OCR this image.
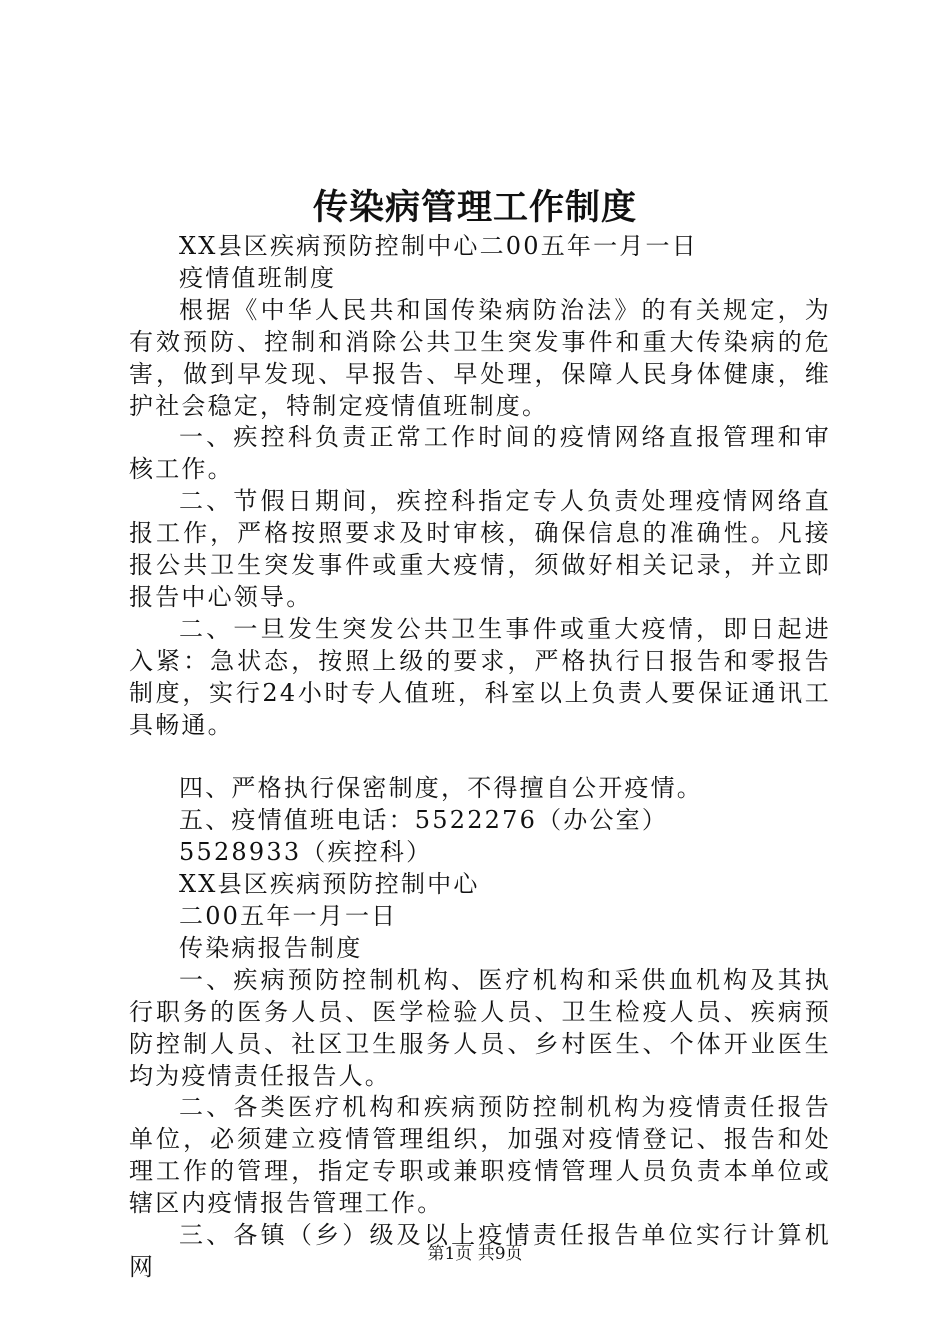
传染病管理工作制度

XX县区疾病预防控制中心二00五年一月一日

疫情值班制度

根据《中华人民共和国传染病防治法》的有关规定，为有效预防、控制和消除公共卫生突发事件和重大传染病的危害，做到早发现、早报告、早处理，保障人民身体健康，维护社会稳定，特制定疫情值班制度。

一、疾控科负责正常工作时间的疫情网络直报管理和审核工作。

二、节假日期间，疾控科指定专人负责处理疫情网络直报工作，严格按照要求及时审核，确保信息的准确性。凡接报公共卫生突发事件或重大疫情，须做好相关记录，并立即报告中心领导。

二、一旦发生突发公共卫生事件或重大疫情，即日起进入紧：急状态，按照上级的要求，严格执行日报告和零报告制度，实行24小时专人值班，科室以上负责人要保证通讯工具畅通。

四、严格执行保密制度，不得擅自公开疫情。

五、疫情值班电话：5522276（办公室）

5528933（疾控科）

XX县区疾病预防控制中心

二00五年一月一日

传染病报告制度

一、疾病预防控制机构、医疗机构和采供血机构及其执行职务的医务人员、医学检验人员、卫生检疫人员、疾病预防控制人员、社区卫生服务人员、乡村医生、个体开业医生均为疫情责任报告人。

二、各类医疗机构和疾病预防控制机构为疫情责任报告单位，必须建立疫情管理组织，加强对疫情登记、报告和处理工作的管理，指定专职或兼职疫情管理人员负责本单位或辖区内疫情报告管理工作。

三、各镇（乡）级及以上疫情责任报告单位实行计算机网	第1页 共9页
